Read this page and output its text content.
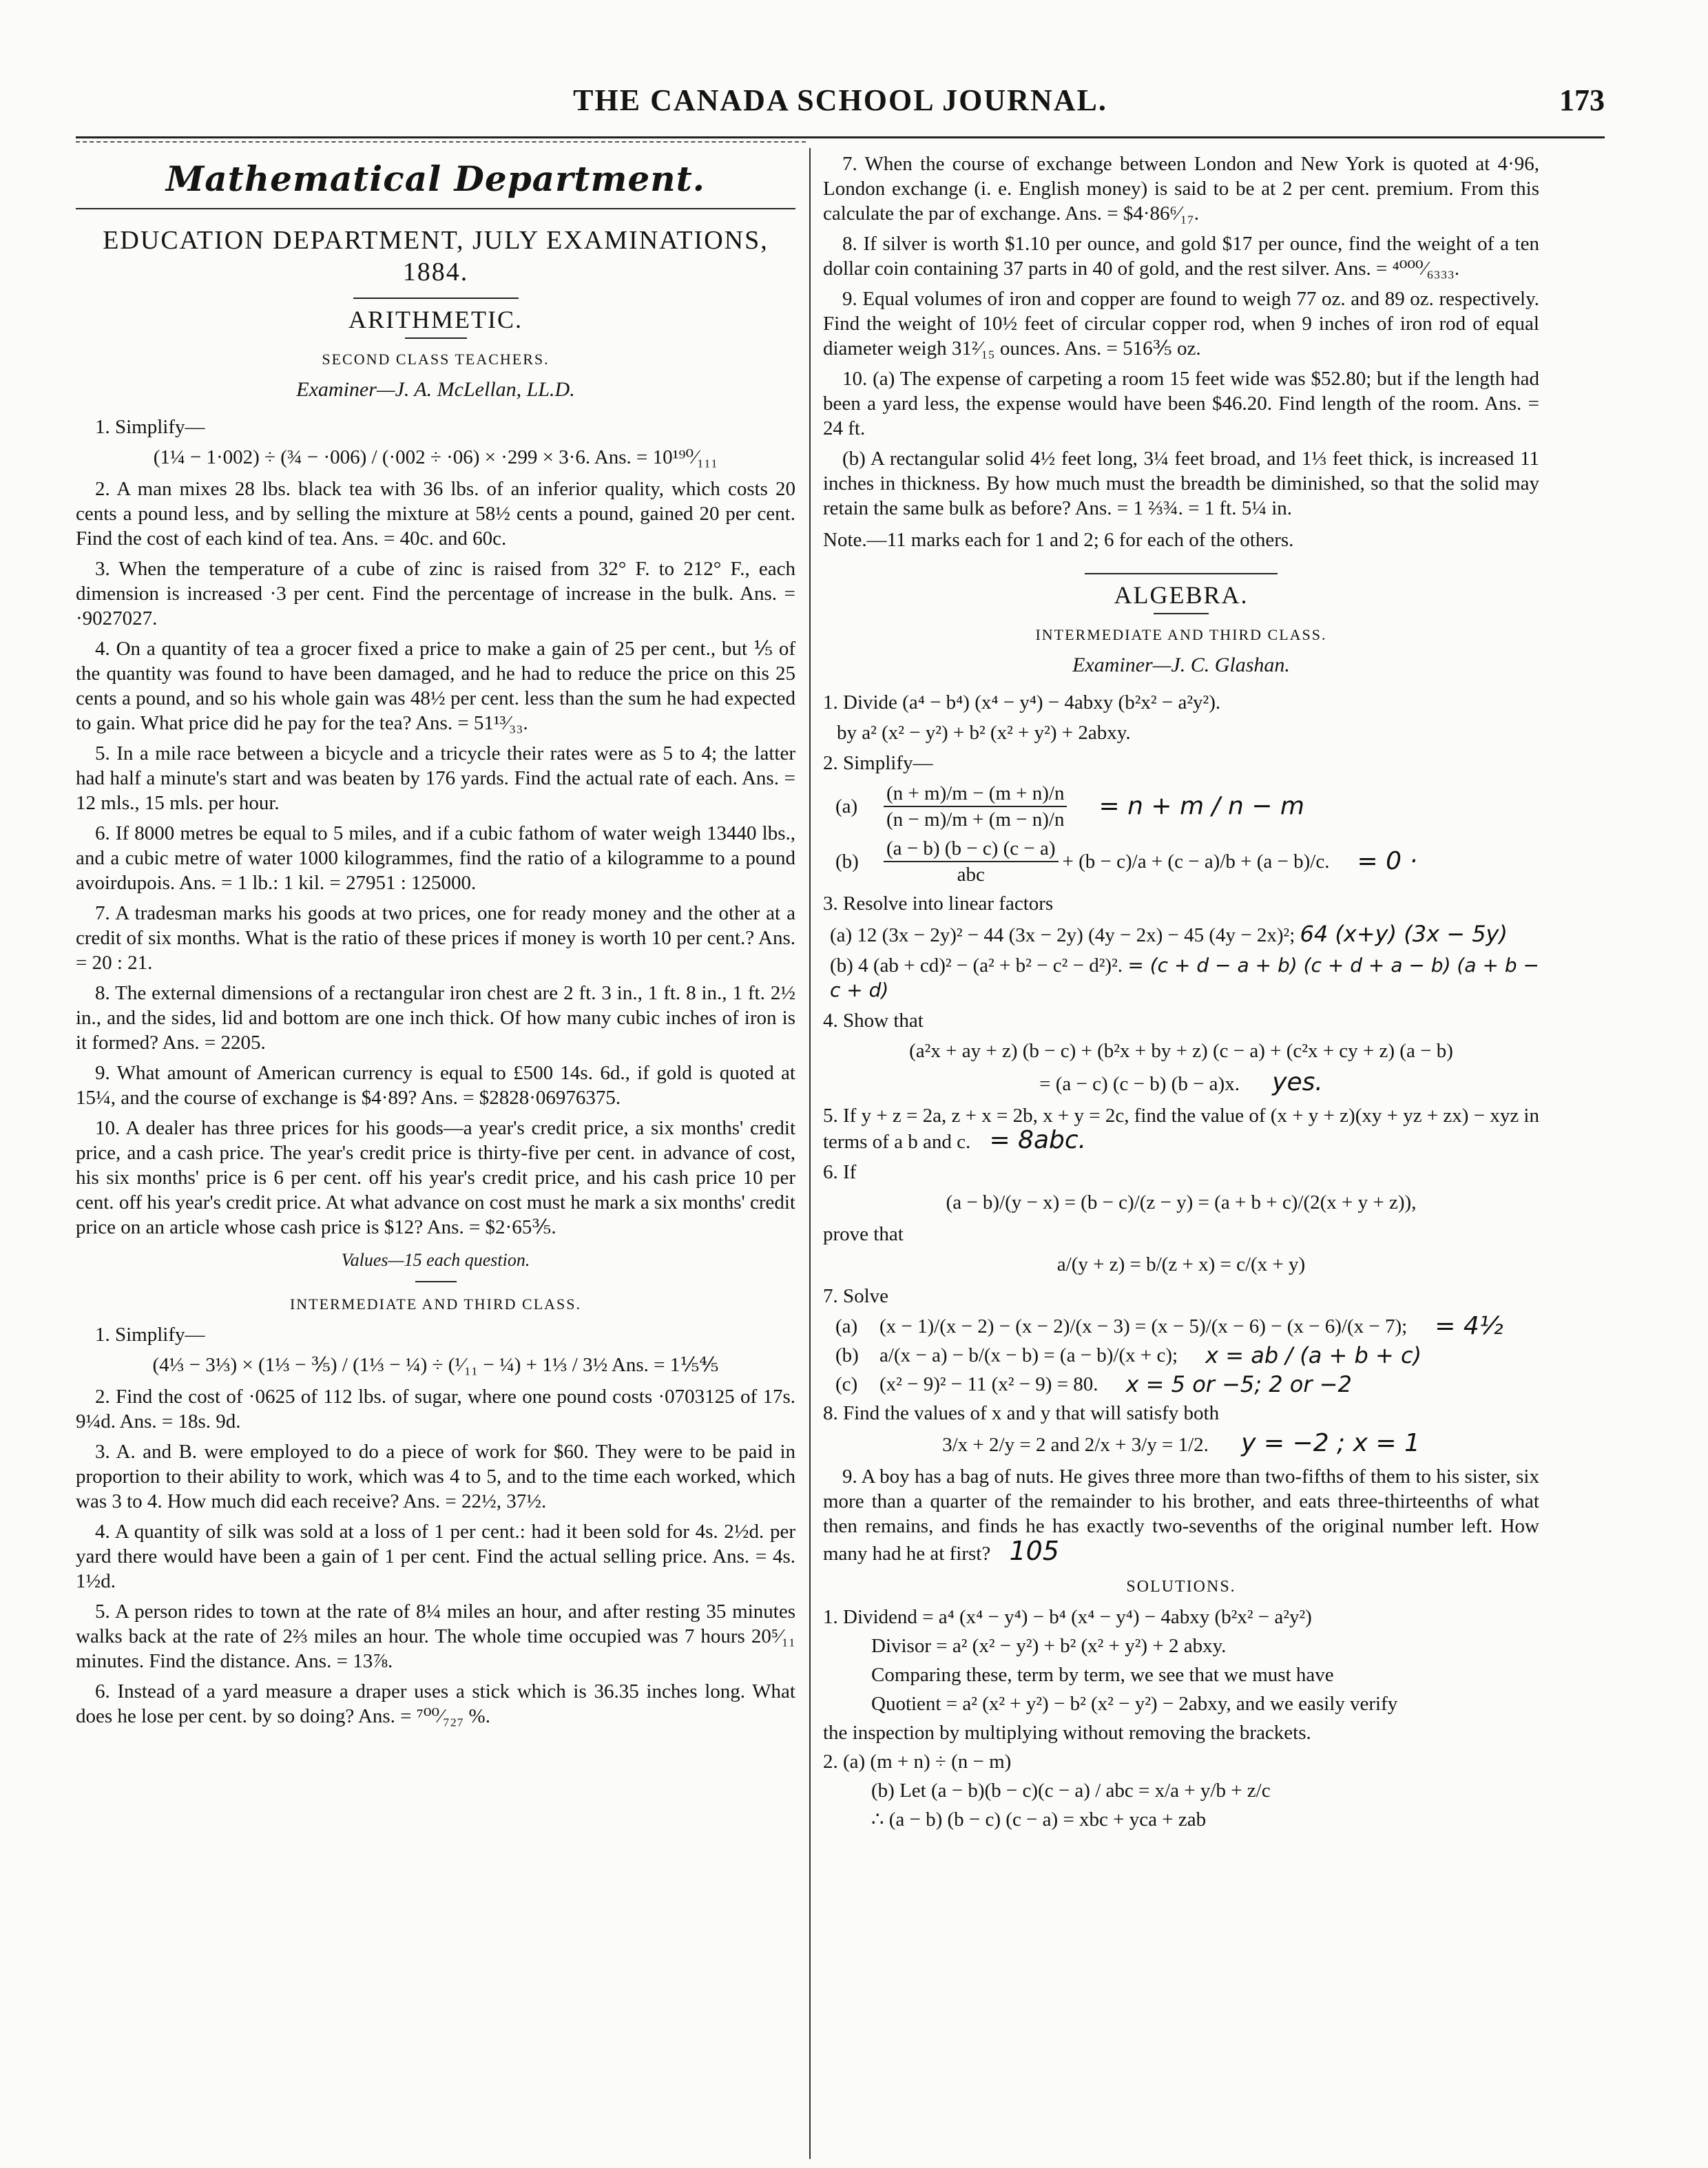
THE CANADA SCHOOL JOURNAL.	173
Mathematical Department.
EDUCATION DEPARTMENT, JULY EXAMINATIONS, 1884.
ARITHMETIC.
SECOND CLASS TEACHERS.
Examiner—J. A. McLellan, LL.D.

1. Simplify—

(1¼ − 1·002) ÷ (¾ − ·006) / (·002 ÷ ·06) × ·299 × 3·6. Ans. = 10¹⁹⁰⁄₁₁₁

2. A man mixes 28 lbs. black tea with 36 lbs. of an inferior quality, which costs 20 cents a pound less, and by selling the mixture at 58½ cents a pound, gained 20 per cent. Find the cost of each kind of tea. Ans. = 40c. and 60c.

3. When the temperature of a cube of zinc is raised from 32° F. to 212° F., each dimension is increased ·3 per cent. Find the percentage of increase in the bulk. Ans. = ·9027027.

4. On a quantity of tea a grocer fixed a price to make a gain of 25 per cent., but ⅕ of the quantity was found to have been damaged, and he had to reduce the price on this 25 cents a pound, and so his whole gain was 48½ per cent. less than the sum he had expected to gain. What price did he pay for the tea? Ans. = 51¹³⁄₃₃.

5. In a mile race between a bicycle and a tricycle their rates were as 5 to 4; the latter had half a minute's start and was beaten by 176 yards. Find the actual rate of each. Ans. = 12 mls., 15 mls. per hour.

6. If 8000 metres be equal to 5 miles, and if a cubic fathom of water weigh 13440 lbs., and a cubic metre of water 1000 kilogrammes, find the ratio of a kilogramme to a pound avoirdupois. Ans. = 1 lb.: 1 kil. = 27951 : 125000.

7. A tradesman marks his goods at two prices, one for ready money and the other at a credit of six months. What is the ratio of these prices if money is worth 10 per cent.? Ans. = 20 : 21.

8. The external dimensions of a rectangular iron chest are 2 ft. 3 in., 1 ft. 8 in., 1 ft. 2½ in., and the sides, lid and bottom are one inch thick. Of how many cubic inches of iron is it formed? Ans. = 2205.

9. What amount of American currency is equal to £500 14s. 6d., if gold is quoted at 15¼, and the course of exchange is $4·89? Ans. = $2828·06976375.

10. A dealer has three prices for his goods—a year's credit price, a six months' credit price, and a cash price. The year's credit price is thirty-five per cent. in advance of cost, his six months' price is 6 per cent. off his year's credit price, and his cash price 10 per cent. off his year's credit price. At what advance on cost must he mark a six months' credit price on an article whose cash price is $12? Ans. = $2·65⅗.

Values—15 each question.
INTERMEDIATE AND THIRD CLASS.

1. Simplify—

(4⅓ − 3⅓) × (1⅓ − ⅗) / (1⅓ − ¼) ÷ (¹⁄₁₁ − ¼) + 1⅓ / 3½ Ans. = 1⅕⅘

2. Find the cost of ·0625 of 112 lbs. of sugar, where one pound costs ·0703125 of 17s. 9¼d. Ans. = 18s. 9d.

3. A. and B. were employed to do a piece of work for $60. They were to be paid in proportion to their ability to work, which was 4 to 5, and to the time each worked, which was 3 to 4. How much did each receive? Ans. = 22½, 37½.

4. A quantity of silk was sold at a loss of 1 per cent.: had it been sold for 4s. 2½d. per yard there would have been a gain of 1 per cent. Find the actual selling price. Ans. = 4s. 1½d.

5. A person rides to town at the rate of 8¼ miles an hour, and after resting 35 minutes walks back at the rate of 2⅔ miles an hour. The whole time occupied was 7 hours 20⁵⁄₁₁ minutes. Find the distance. Ans. = 13⅞.

6. Instead of a yard measure a draper uses a stick which is 36.35 inches long. What does he lose per cent. by so doing? Ans. = ⁷⁰⁰⁄₇₂₇ %.

7. When the course of exchange between London and New York is quoted at 4·96, London exchange (i. e. English money) is said to be at 2 per cent. premium. From this calculate the par of exchange. Ans. = $4·86⁶⁄₁₇.

8. If silver is worth $1.10 per ounce, and gold $17 per ounce, find the weight of a ten dollar coin containing 37 parts in 40 of gold, and the rest silver. Ans. = ⁴⁰⁰⁰⁄₆₃₃₃.

9. Equal volumes of iron and copper are found to weigh 77 oz. and 89 oz. respectively. Find the weight of 10½ feet of circular copper rod, when 9 inches of iron rod of equal diameter weigh 31²⁄₁₅ ounces. Ans. = 516⅗ oz.

10. (a) The expense of carpeting a room 15 feet wide was $52.80; but if the length had been a yard less, the expense would have been $46.20. Find length of the room. Ans. = 24 ft.

(b) A rectangular solid 4½ feet long, 3¼ feet broad, and 1⅓ feet thick, is increased 11 inches in thickness. By how much must the breadth be diminished, so that the solid may retain the same bulk as before? Ans. = 1 ⅔¾. = 1 ft. 5¼ in.

Note.—11 marks each for 1 and 2; 6 for each of the others.

ALGEBRA.
INTERMEDIATE AND THIRD CLASS.
Examiner—J. C. Glashan.

1. Divide (a⁴ − b⁴) (x⁴ − y⁴) − 4abxy (b²x² − a²y²).

by a² (x² − y²) + b² (x² + y²) + 2abxy.

2. Simplify—

(a)	$\frac{(n + m)/m - (m + n)/n}{(n - m)/m + (m - n)/n} = n + m / n - m$
(b)	$\frac{(a - b) (b - c) (c - a)}{\text{abc}} + (b - c)/a + (c - a)/b + (a - b)/c$. = 0 ·

3. Resolve into linear factors

(a) 12 (3x − 2y)² − 44 (3x − 2y) (4y − 2x) − 45 (4y − 2x)²; 64 (x+y) (3x − 5y)

(b) 4 (ab + cd)² − (a² + b² − c² − d²)². = (c + d − a + b) (c + d + a − b) (a + b − c + d)

4. Show that

(a²x + ay + z) (b − c) + (b²x + by + z) (c − a) + (c²x + cy + z) (a − b)
= (a − c) (c − b) (b − a)x. yes.

5. If y + z = 2a, z + x = 2b, x + y = 2c, find the value of (x + y + z)(xy + yz + zx) − xyz in terms of a b and c. = 8abc.

6. If

(a − b)/(y − x) = (b − c)/(z − y) = (a + b + c)/(2(x + y + z)),

prove that

a/(y + z) = b/(z + x) = c/(x + y)

7. Solve

(a)	(x − 1)/(x − 2) − (x − 2)/(x − 3) = (x − 5)/(x − 6) − (x − 6)/(x − 7); = 4½
(b)	a/(x − a) − b/(x − b) = (a − b)/(x + c); x = ab / (a + b + c)
(c)	(x² − 9)² − 11 (x² − 9) = 80. x = 5 or −5; 2 or −2

8. Find the values of x and y that will satisfy both

3/x + 2/y = 2 and 2/x + 3/y = 1/2. y = −2 ; x = 1

9. A boy has a bag of nuts. He gives three more than two-fifths of them to his sister, six more than a quarter of the remainder to his brother, and eats three-thirteenths of what then remains, and finds he has exactly two-sevenths of the original number left. How many had he at first? 105

SOLUTIONS.

1. Dividend = a⁴ (x⁴ − y⁴) − b⁴ (x⁴ − y⁴) − 4abxy (b²x² − a²y²)

Divisor = a² (x² − y²) + b² (x² + y²) + 2 abxy.

Comparing these, term by term, we see that we must have

Quotient = a² (x² + y²) − b² (x² − y²) − 2abxy, and we easily verify

the inspection by multiplying without removing the brackets.

2. (a) (m + n) ÷ (n − m)

(b) Let (a − b)(b − c)(c − a) / abc = x/a + y/b + z/c

∴ (a − b) (b − c) (c − a) = xbc + yca + zab
